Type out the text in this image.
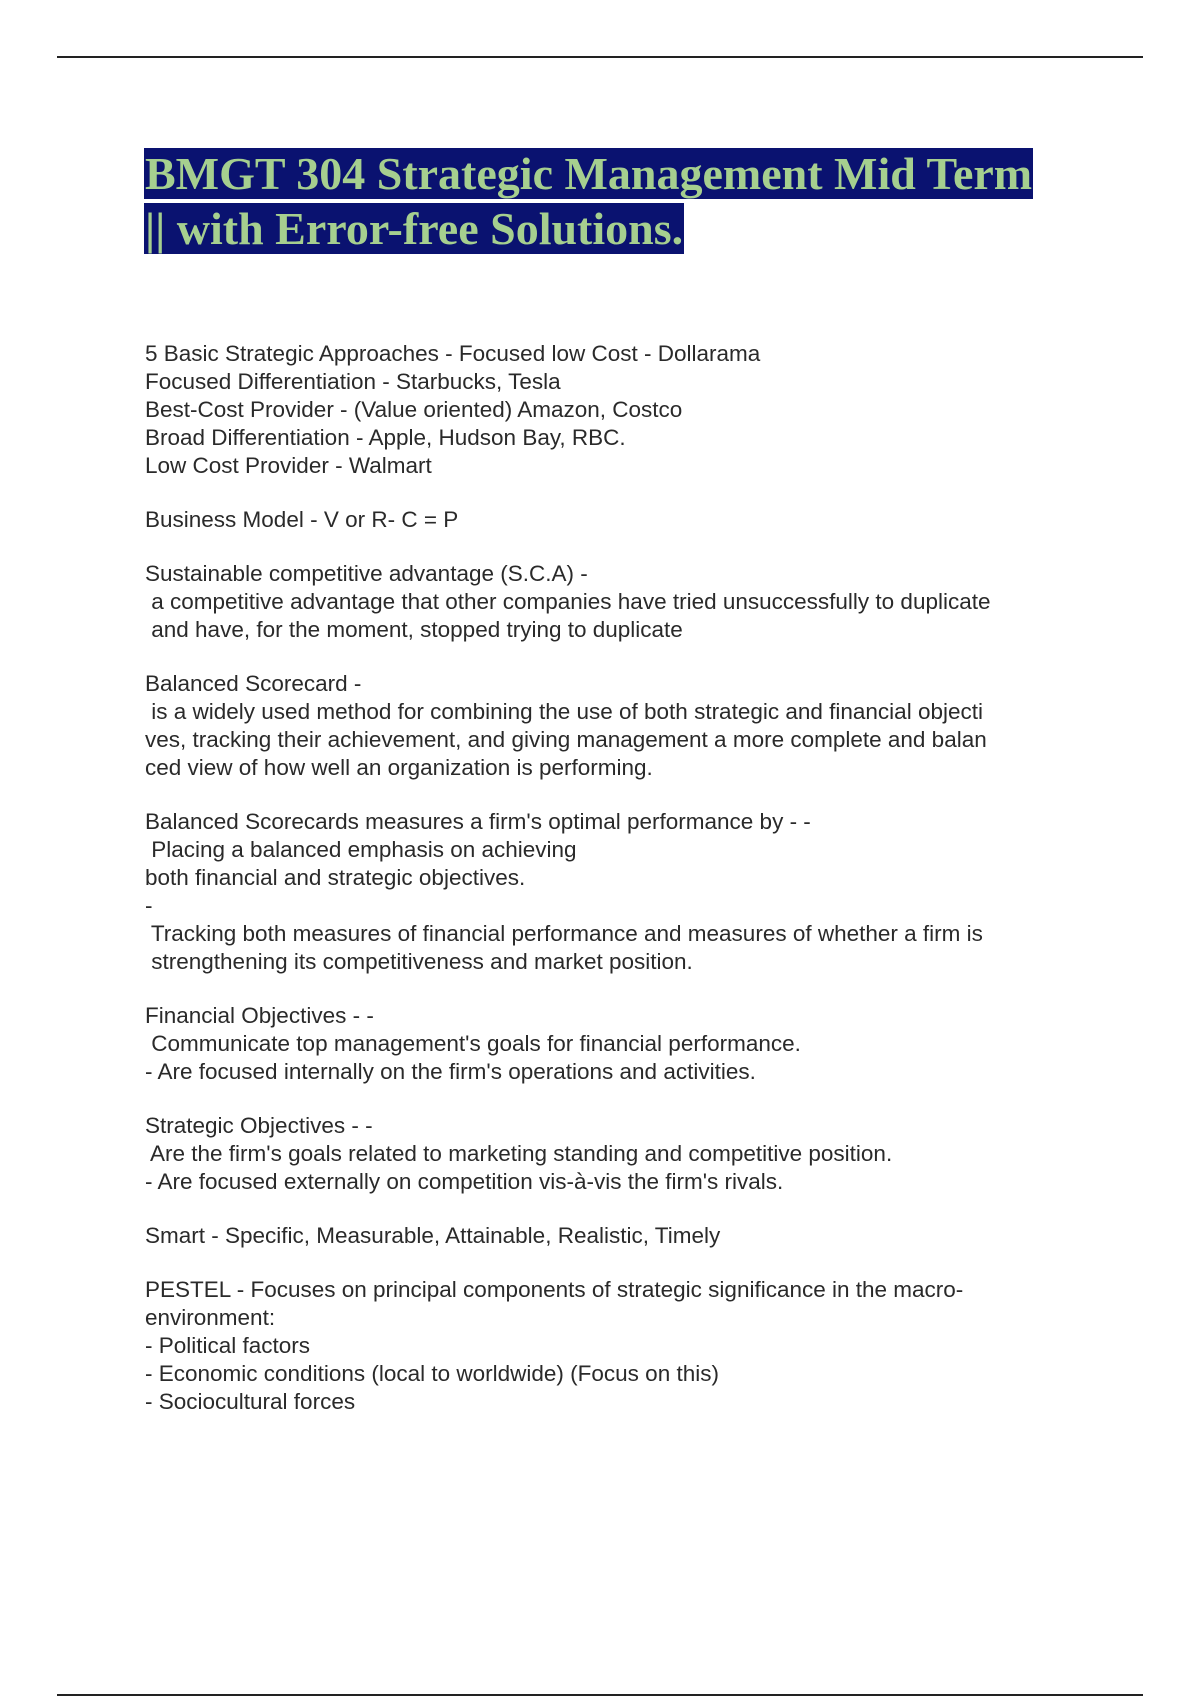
BMGT 304 Strategic Management Mid Term
|| with Error-free Solutions.
5 Basic Strategic Approaches - Focused low Cost - Dollarama
Focused Differentiation - Starbucks, Tesla
Best-Cost Provider - (Value oriented) Amazon, Costco
Broad Differentiation - Apple, Hudson Bay, RBC.
Low Cost Provider - Walmart
Business Model - V or R- C = P
Sustainable competitive advantage (S.C.A) -
a competitive advantage that other companies have tried unsuccessfully to duplicate
and have, for the moment, stopped trying to duplicate
Balanced Scorecard -
is a widely used method for combining the use of both strategic and financial objecti
ves, tracking their achievement, and giving management a more complete and balan
ced view of how well an organization is performing.
Balanced Scorecards measures a firm's optimal performance by - -
Placing a balanced emphasis on achieving
both financial and strategic objectives.
-
Tracking both measures of financial performance and measures of whether a firm is
strengthening its competitiveness and market position.
Financial Objectives - -
Communicate top management's goals for financial performance.
- Are focused internally on the firm's operations and activities.
Strategic Objectives - -
Are the firm's goals related to marketing standing and competitive position.
- Are focused externally on competition vis-à-vis the firm's rivals.
Smart - Specific, Measurable, Attainable, Realistic, Timely
PESTEL - Focuses on principal components of strategic significance in the macro-
environment:
- Political factors
- Economic conditions (local to worldwide) (Focus on this)
- Sociocultural forces
